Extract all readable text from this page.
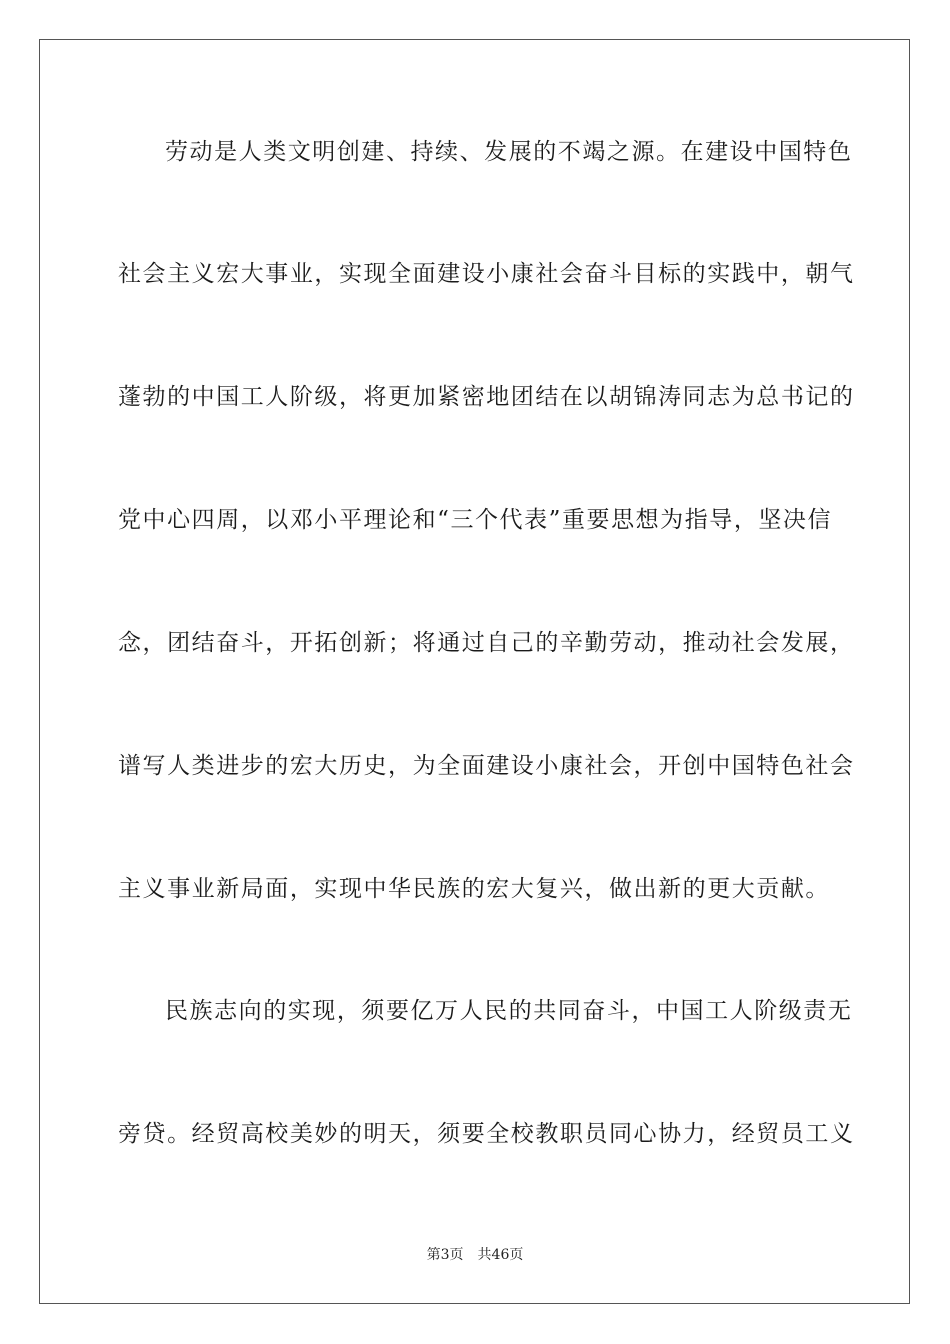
劳动是人类文明创建、持续、发展的不竭之源。在建设中国特色
社会主义宏大事业，实现全面建设小康社会奋斗目标的实践中，朝气
蓬勃的中国工人阶级，将更加紧密地团结在以胡锦涛同志为总书记的
党中心四周，以邓小平理论和“三个代表”重要思想为指导，坚决信
念，团结奋斗，开拓创新；将通过自己的辛勤劳动，推动社会发展，
谱写人类进步的宏大历史，为全面建设小康社会，开创中国特色社会
主义事业新局面，实现中华民族的宏大复兴，做出新的更大贡献。
民族志向的实现，须要亿万人民的共同奋斗，中国工人阶级责无
旁贷。经贸高校美妙的明天，须要全校教职员同心协力，经贸员工义
第3页 共46页
